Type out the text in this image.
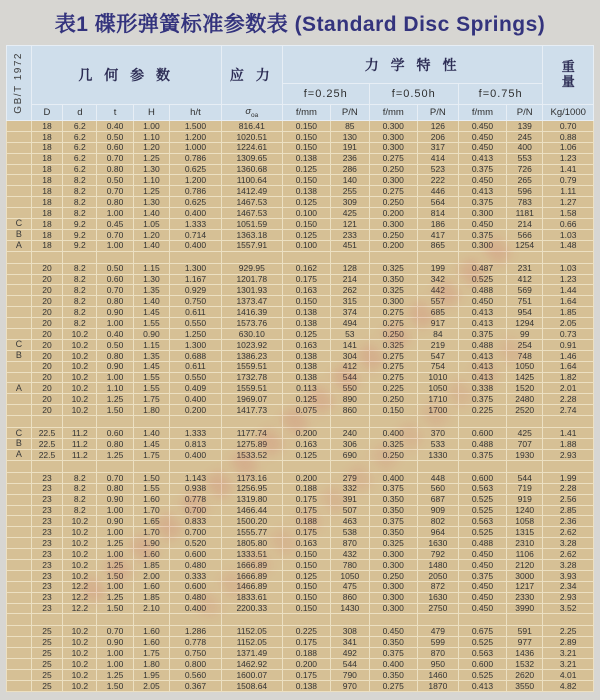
表1 碟形弹簧标准参数表 (Standard Disc Springs)
GB/T 1972	几 何 参 数					应 力	力 学 特 性						重
量
							f=0.25h		f=0.50h		f=0.75h		
	D	d	t	H	h/t	$\sigma_{oa}$	f/mm	P/N	f/mm	P/N	f/mm	P/N	Kg/1000
	18	6.2	0.40	1.00	1.500	816.41	0.150	85	0.300	126	0.450	139	0.70
	18	6.2	0.50	1.10	1.200	1020.51	0.150	130	0.300	206	0.450	245	0.88
	18	6.2	0.60	1.20	1.000	1224.61	0.150	191	0.300	317	0.450	400	1.06
	18	6.2	0.70	1.25	0.786	1309.65	0.138	236	0.275	414	0.413	553	1.23
	18	6.2	0.80	1.30	0.625	1360.68	0.125	286	0.250	523	0.375	726	1.41
	18	8.2	0.50	1.10	1.200	1100.64	0.150	140	0.300	222	0.450	265	0.79
	18	8.2	0.70	1.25	0.786	1412.49	0.138	255	0.275	446	0.413	596	1.11
	18	8.2	0.80	1.30	0.625	1467.53	0.125	309	0.250	564	0.375	783	1.27
	18	8.2	1.00	1.40	0.400	1467.53	0.100	425	0.200	814	0.300	1181	1.58
C	18	9.2	0.45	1.05	1.333	1051.59	0.150	121	0.300	186	0.450	214	0.66
B	18	9.2	0.70	1.20	0.714	1363.18	0.125	233	0.250	417	0.375	566	1.03
A	18	9.2	1.00	1.40	0.400	1557.91	0.100	451	0.200	865	0.300	1254	1.48

	20	8.2	0.50	1.15	1.300	929.95	0.162	128	0.325	199	0.487	231	1.03
	20	8.2	0.60	1.30	1.167	1201.78	0.175	214	0.350	342	0.525	412	1.23
	20	8.2	0.70	1.35	0.929	1301.93	0.163	262	0.325	442	0.488	569	1.44
	20	8.2	0.80	1.40	0.750	1373.47	0.150	315	0.300	557	0.450	751	1.64
	20	8.2	0.90	1.45	0.611	1416.39	0.138	374	0.275	685	0.413	954	1.85
	20	8.2	1.00	1.55	0.550	1573.76	0.138	494	0.275	917	0.413	1294	2.05
	20	10.2	0.40	0.90	1.250	630.10	0.125	53	0.250	84	0.375	99	0.73
C	20	10.2	0.50	1.15	1.300	1023.92	0.163	141	0.325	219	0.488	254	0.91
B	20	10.2	0.80	1.35	0.688	1386.23	0.138	304	0.275	547	0.413	748	1.46
	20	10.2	0.90	1.45	0.611	1559.51	0.138	412	0.275	754	0.413	1050	1.64
	20	10.2	1.00	1.55	0.550	1732.78	0.138	544	0.275	1010	0.413	1425	1.82
A	20	10.2	1.10	1.55	0.409	1559.51	0.113	550	0.225	1050	0.338	1520	2.01
	20	10.2	1.25	1.75	0.400	1969.07	0.125	890	0.250	1710	0.375	2480	2.28
	20	10.2	1.50	1.80	0.200	1417.73	0.075	860	0.150	1700	0.225	2520	2.74

C	22.5	11.2	0.60	1.40	1.333	1177.74	0.200	240	0.400	370	0.600	425	1.41
B	22.5	11.2	0.80	1.45	0.813	1275.89	0.163	306	0.325	533	0.488	707	1.88
A	22.5	11.2	1.25	1.75	0.400	1533.52	0.125	690	0.250	1330	0.375	1930	2.93

	23	8.2	0.70	1.50	1.143	1173.16	0.200	279	0.400	448	0.600	544	1.99
	23	8.2	0.80	1.55	0.938	1256.95	0.188	332	0.375	560	0.563	719	2.28
	23	8.2	0.90	1.60	0.778	1319.80	0.175	391	0.350	687	0.525	919	2.56
	23	8.2	1.00	1.70	0.700	1466.44	0.175	507	0.350	909	0.525	1240	2.85
	23	10.2	0.90	1.65	0.833	1500.20	0.188	463	0.375	802	0.563	1058	2.36
	23	10.2	1.00	1.70	0.700	1555.77	0.175	538	0.350	964	0.525	1315	2.62
	23	10.2	1.25	1.90	0.520	1805.80	0.163	870	0.325	1630	0.488	2310	3.28
	23	10.2	1.00	1.60	0.600	1333.51	0.150	432	0.300	792	0.450	1106	2.62
	23	10.2	1.25	1.85	0.480	1666.89	0.150	780	0.300	1480	0.450	2120	3.28
	23	10.2	1.50	2.00	0.333	1666.89	0.125	1050	0.250	2050	0.375	3000	3.93
	23	12.2	1.00	1.60	0.600	1466.89	0.150	475	0.300	872	0.450	1217	2.34
	23	12.2	1.25	1.85	0.480	1833.61	0.150	860	0.300	1630	0.450	2330	2.93
	23	12.2	1.50	2.10	0.400	2200.33	0.150	1430	0.300	2750	0.450	3990	3.52

	25	10.2	0.70	1.60	1.286	1152.05	0.225	308	0.450	479	0.675	591	2.25
	25	10.2	0.90	1.60	0.778	1152.05	0.175	341	0.350	599	0.525	977	2.89
	25	10.2	1.00	1.75	0.750	1371.49	0.188	492	0.375	870	0.563	1436	3.21
	25	10.2	1.00	1.80	0.800	1462.92	0.200	544	0.400	950	0.600	1532	3.21
	25	10.2	1.25	1.95	0.560	1600.07	0.175	790	0.350	1460	0.525	2620	4.01
	25	10.2	1.50	2.05	0.367	1508.64	0.138	970	0.275	1870	0.413	3550	4.82
